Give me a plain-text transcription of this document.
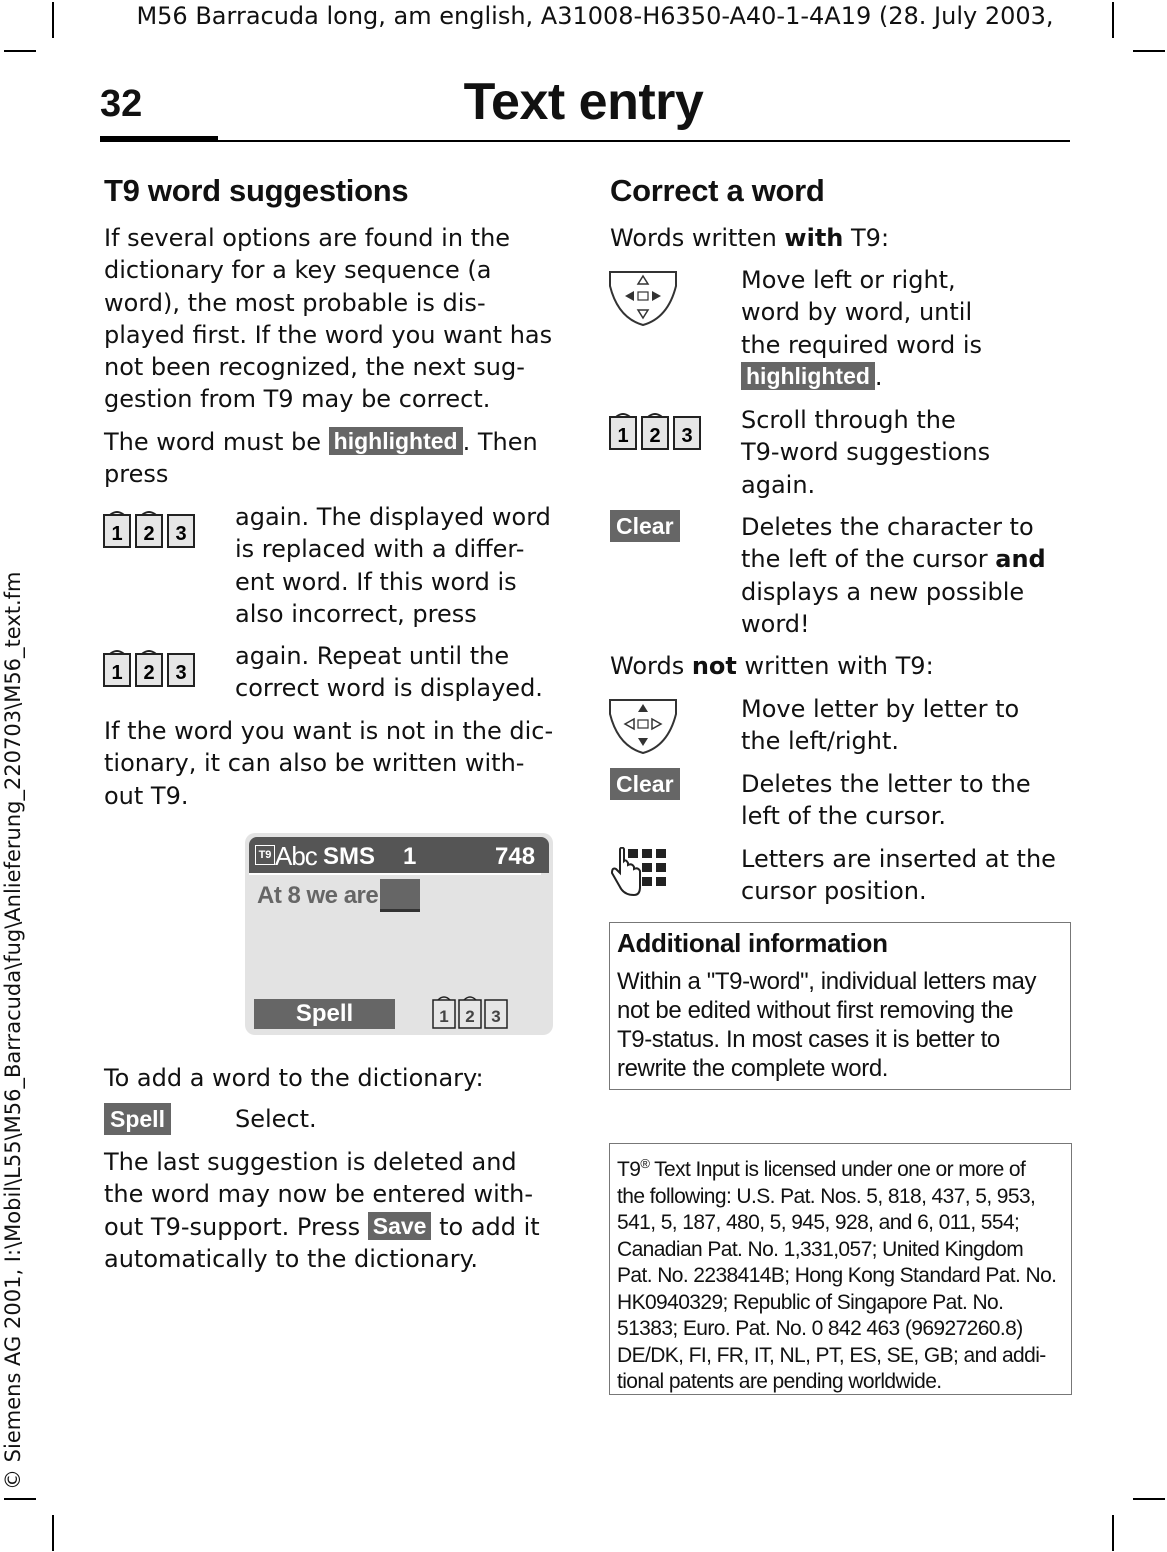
M56 Barracuda long, am english, A31008-H6350-A40-1-4A19 (28. July 2003,
© Siemens AG 2001, I:\Mobil\L55\M56_Barracuda\fug\Anlieferung_220703\M56_text.fm
32	Text entry
T9 word suggestions
If several options are found in the
dictionary for a key sequence (a
word), the most probable is dis-
played first. If the word you want has
not been recognized, the next sug-
gestion from T9 may be correct.
The word must be highlighted . Then
press
1 2 3
again. The displayed word
is replaced with a differ-
ent word. If this word is
also incorrect, press
1 2 3
again. Repeat until the
correct word is displayed.
If the word you want is not in the dic-
tionary, it can also be written with-
out T9.
T9 Abc SMS 1	748
At 8 we are
Spell	1 2 3
To add a word to the dictionary:
Spell	Select.
The last suggestion is deleted and
the word may now be entered with-
out T9-support. Press Save to add it
automatically to the dictionary.
Correct a word
Words written with T9:
Move left or right,
word by word, until
the required word is
highlighted .
1 2 3
Scroll through the
T9-word suggestions
again.
Clear	Deletes the character to
the left of the cursor and
displays a new possible
word!
Words not written with T9:
Move letter by letter to
the left/right.
Clear	Deletes the letter to the
left of the cursor.
Letters are inserted at the
cursor position.
Additional information
Within a "T9-word", individual letters may
not be edited without first removing the
T9-status. In most cases it is better to
rewrite the complete word.
T9® Text Input is licensed under one or more of
the following: U.S. Pat. Nos. 5, 818, 437, 5, 953,
541, 5, 187, 480, 5, 945, 928, and 6, 011, 554;
Canadian Pat. No. 1,331,057; United Kingdom
Pat. No. 2238414B; Hong Kong Standard Pat. No.
HK0940329; Republic of Singapore Pat. No.
51383; Euro. Pat. No. 0 842 463 (96927260.8)
DE/DK, FI, FR, IT, NL, PT, ES, SE, GB; and addi-
tional patents are pending worldwide.
